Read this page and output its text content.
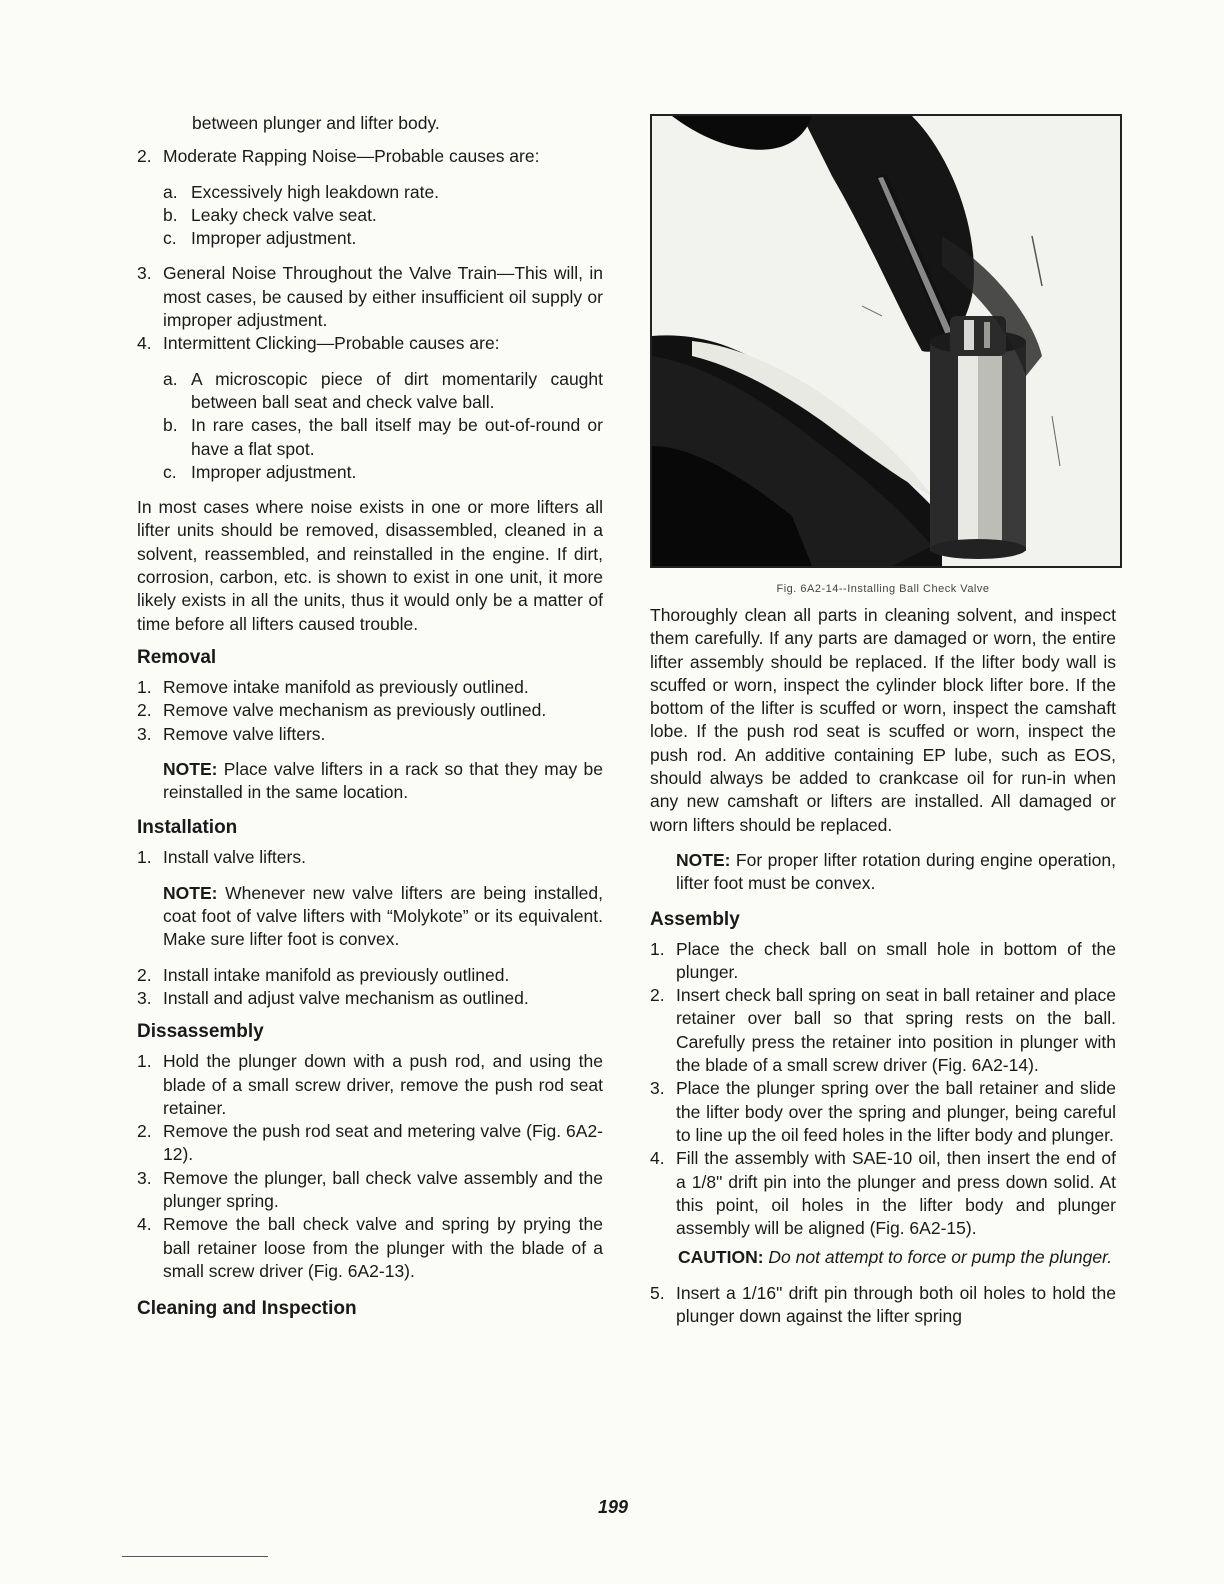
between plunger and lifter body.

2. Moderate Rapping Noise—Probable causes are:
a. Excessively high leakdown rate.
b. Leaky check valve seat.
c. Improper adjustment.
3. General Noise Throughout the Valve Train—This will, in most cases, be caused by either insufficient oil supply or improper adjustment.
4. Intermittent Clicking—Probable causes are:
a. A microscopic piece of dirt momentarily caught between ball seat and check valve ball.
b. In rare cases, the ball itself may be out-of-round or have a flat spot.
c. Improper adjustment.

In most cases where noise exists in one or more lifters all lifter units should be removed, disassembled, cleaned in a solvent, reassembled, and reinstalled in the engine. If dirt, corrosion, carbon, etc. is shown to exist in one unit, it more likely exists in all the units, thus it would only be a matter of time before all lifters caused trouble.

Removal
1. Remove intake manifold as previously outlined.
2. Remove valve mechanism as previously outlined.
3. Remove valve lifters.

NOTE: Place valve lifters in a rack so that they may be reinstalled in the same location.

Installation
1. Install valve lifters.

NOTE: Whenever new valve lifters are being installed, coat foot of valve lifters with “Molykote” or its equivalent. Make sure lifter foot is convex.

2. Install intake manifold as previously outlined.
3. Install and adjust valve mechanism as outlined.
Dissassembly
1. Hold the plunger down with a push rod, and using the blade of a small screw driver, remove the push rod seat retainer.
2. Remove the push rod seat and metering valve (Fig. 6A2-12).
3. Remove the plunger, ball check valve assembly and the plunger spring.
4. Remove the ball check valve and spring by prying the ball retainer loose from the plunger with the blade of a small screw driver (Fig. 6A2-13).
Cleaning and Inspection

Fig. 6A2-14--Installing Ball Check Valve

Thoroughly clean all parts in cleaning solvent, and inspect them carefully. If any parts are damaged or worn, the entire lifter assembly should be replaced. If the lifter body wall is scuffed or worn, inspect the cylinder block lifter bore. If the bottom of the lifter is scuffed or worn, inspect the camshaft lobe. If the push rod seat is scuffed or worn, inspect the push rod. An additive containing EP lube, such as EOS, should always be added to crankcase oil for run-in when any new camshaft or lifters are installed. All damaged or worn lifters should be replaced.

NOTE: For proper lifter rotation during engine operation, lifter foot must be convex.

Assembly
1. Place the check ball on small hole in bottom of the plunger.
2. Insert check ball spring on seat in ball retainer and place retainer over ball so that spring rests on the ball. Carefully press the retainer into position in plunger with the blade of a small screw driver (Fig. 6A2-14).
3. Place the plunger spring over the ball retainer and slide the lifter body over the spring and plunger, being careful to line up the oil feed holes in the lifter body and plunger.
4. Fill the assembly with SAE-10 oil, then insert the end of a 1/8" drift pin into the plunger and press down solid. At this point, oil holes in the lifter body and plunger assembly will be aligned (Fig. 6A2-15).

CAUTION: Do not attempt to force or pump the plunger.

5. Insert a 1/16" drift pin through both oil holes to hold the plunger down against the lifter spring
199
